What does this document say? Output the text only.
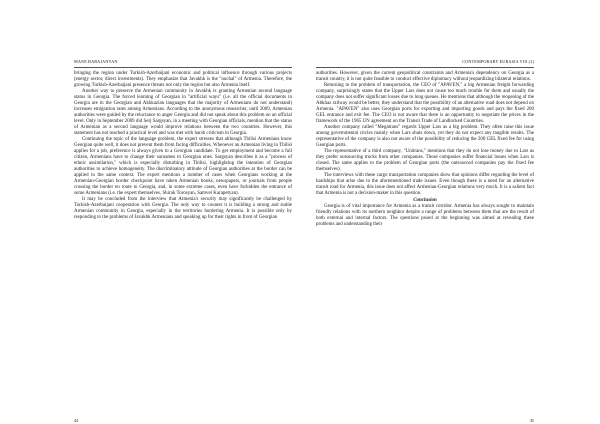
MANE BABAJANYAN

bringing the region under Turkish-Azerbaijani economic and political influence through various projects (energy sector, direct investments). They emphasize that Javakhk is the "nuchal" of Armenia. Therefore, the growing Turkish-Azerbaijani presence threats not only the region but also Armenia itself.

Another way to preserve the Armenian community in Javakhk is granting Armenian second language status in Georgia. The forced learning of Georgian in "artificial ways" (i.e. all the official documents in Georgia are in the Georgian and Akhkazian languages that the majority of Armenians do not understand) increases emigration rates among Armenians. According to the anonymous researcher, until 2009, Armenian authorities were guided by the reluctance to anger Georgia and did not speak about this problem on an official level. Only in September 2009 did Serj Sargsyan, in a meeting with Georgian officials, mention that the status of Armenian as a second language would improve relations between the two countries. However, this statement has not reached a practical level and was met with harsh criticism in Georgia.

Continuing the topic of the language problem, the expert stresses that although Tbilisi Armenians know Georgian quite well, it does not prevent them from facing difficulties. Whenever an Armenian living in Tbilisi applies for a job, preference is always given to a Georgian candidate. To get employment and become a full citizen, Armenians have to change their surnames to Georgian ones. Sargsyan describes it as a "process of ethnic assimilation," which is especially disturbing in Tbilisi, highlighting the intention of Georgian authorities to achieve homogeneity. The discriminatory attitude of Georgian authorities at the border can be applied to the same context. The expert mentions a number of cases when Georgians working at the Armenian-Georgian border checkpoint have taken Armenian books, newspapers, or journals from people crossing the border en route to Georgia, and, in some extreme cases, even have forbidden the entrance of some Armenians (i.e. the expert themselves, Shirak Torosyan, Samvel Karapetyan).

It may be concluded from the interview that Armenia's security may significantly be challenged by Turkish-Azerbaijani cooperation with Georgia. The only way to counter it is building a strong and stable Armenian community in Georgia, especially in the territories bordering Armenia. It is possible only by responding to the problems of Javakhk Armenians and speaking up for their rights in front of Georgian

44
CONTEMPORARY EURASIA VIII (2)

authorities. However, given the current geopolitical constraints and Armenia's dependency on Georgia as a transit country, it is not quite feasible to conduct effective diplomacy without jeopardizing bilateral relations.

Returning to the problem of transportation, the CEO of "APAVEN," a big Armenian freight forwarding company, surprisingly states that the Upper Lars does not cause too much trouble for them and usually the company does not suffer significant losses due to long queues. He mentions that although the reopening of the Abkhaz railway would be better, they understand that the possibility of an alternative road does not depend on Armenia. "APAVEN" also uses Georgian ports for exporting and importing goods and pays the fixed 200 GEL entrance and exit fee. The CEO is not aware that there is an opportunity to negotiate the prices in the framework of the 1965 UN agreement on the Transit Trade of Landlocked Countries.

Another company called "Megatrans" regards Upper Lars as a big problem. They often raise this issue among governmental circles mainly when Lars shuts down, yet they do not expect any tangible results. The representative of the company is also not aware of the possibility of reducing the 200 GEL fixed fee for using Georgian ports.

The representative of a third company, "Unitrans," mentions that they do not lose money due to Lars as they prefer outsourcing trucks from other companies. Those companies suffer financial losses when Lars is closed. The same applies to the problem of Georgian ports (the outsourced companies pay the fixed fee themselves).

The interviews with these cargo transportation companies show that opinions differ regarding the level of hardships that arise due to the aforementioned trade issues. Even though there is a need for an alternative transit road for Armenia, this issue does not affect Armenian-Georgian relations very much. It is a salient fact that Armenia is not a decision-maker in this question.

Conclusion

Georgia is of vital importance for Armenia as a transit corridor. Armenia has always sought to maintain friendly relations with its northern neighbor despite a range of problems between them that are the result of both external and internal factors. The questions posed at the beginning was aimed at revealing these problems and understanding their

45
